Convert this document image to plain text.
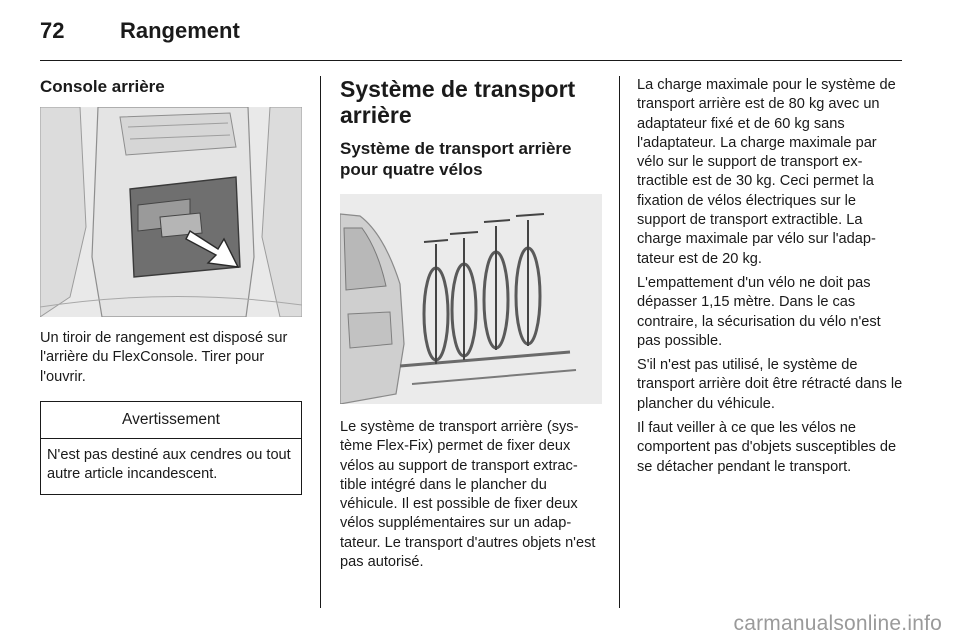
72	Rangement
Console arrière

Un tiroir de rangement est disposé sur l'arrière du FlexConsole. Tirer pour l'ouvrir.

Avertissement
N'est pas destiné aux cendres ou tout autre article incandescent.
Système de transport arrière
Système de transport arrière pour quatre vélos

Le système de transport arrière (sys-tème Flex-Fix) permet de fixer deux vélos au support de transport extrac-tible intégré dans le plancher du véhicule. Il est possible de fixer deux vélos supplémentaires sur un adap-tateur. Le transport d'autres objets n'est pas autorisé.

La charge maximale pour le système de transport arrière est de 80 kg avec un adaptateur fixé et de 60 kg sans l'adaptateur. La charge maximale par vélo sur le support de transport ex-tractible est de 30 kg. Ceci permet la fixation de vélos électriques sur le support de transport extractible. La charge maximale par vélo sur l'adap-tateur est de 20 kg.

L'empattement d'un vélo ne doit pas dépasser 1,15 mètre. Dans le cas contraire, la sécurisation du vélo n'est pas possible.

S'il n'est pas utilisé, le système de transport arrière doit être rétracté dans le plancher du véhicule.

Il faut veiller à ce que les vélos ne comportent pas d'objets susceptibles de se détacher pendant le transport.

carmanualsonline.info
